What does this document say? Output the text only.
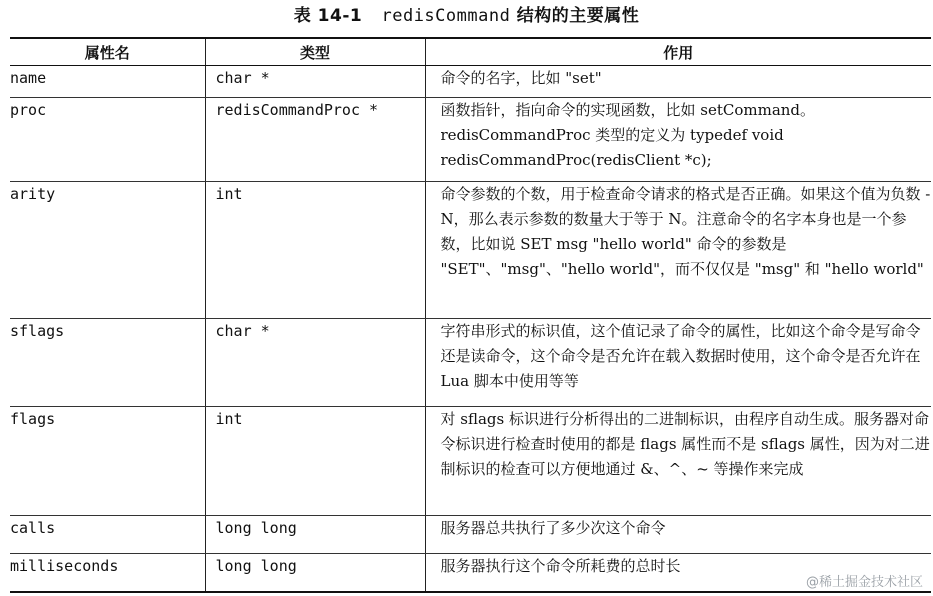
表 14-1 redisCommand 结构的主要属性
属性名	类型	作用
name	char *	命令的名字，比如 "set"

proc	redisCommandProc *	函数指针，指向命令的实现函数，比如 setCommand。redisCommandProc 类型的定义为 typedef void redisCommandProc(redisClient *c);

arity	int	命令参数的个数，用于检查命令请求的格式是否正确。如果这个值为负数 -N，那么表示参数的数量大于等于 N。注意命令的名字本身也是一个参数，比如说 SET msg "hello world" 命令的参数是 "SET"、"msg"、"hello world"，而不仅仅是 "msg" 和 "hello world"

sflags	char *	字符串形式的标识值，这个值记录了命令的属性，比如这个命令是写命令还是读命令，这个命令是否允许在载入数据时使用，这个命令是否允许在 Lua 脚本中使用等等

flags	int	对 sflags 标识进行分析得出的二进制标识，由程序自动生成。服务器对命令标识进行检查时使用的都是 flags 属性而不是 sflags 属性，因为对二进制标识的检查可以方便地通过 &、^、~ 等操作来完成

calls	long long	服务器总共执行了多少次这个命令

milliseconds	long long	服务器执行这个命令所耗费的总时长
@稀土掘金技术社区
